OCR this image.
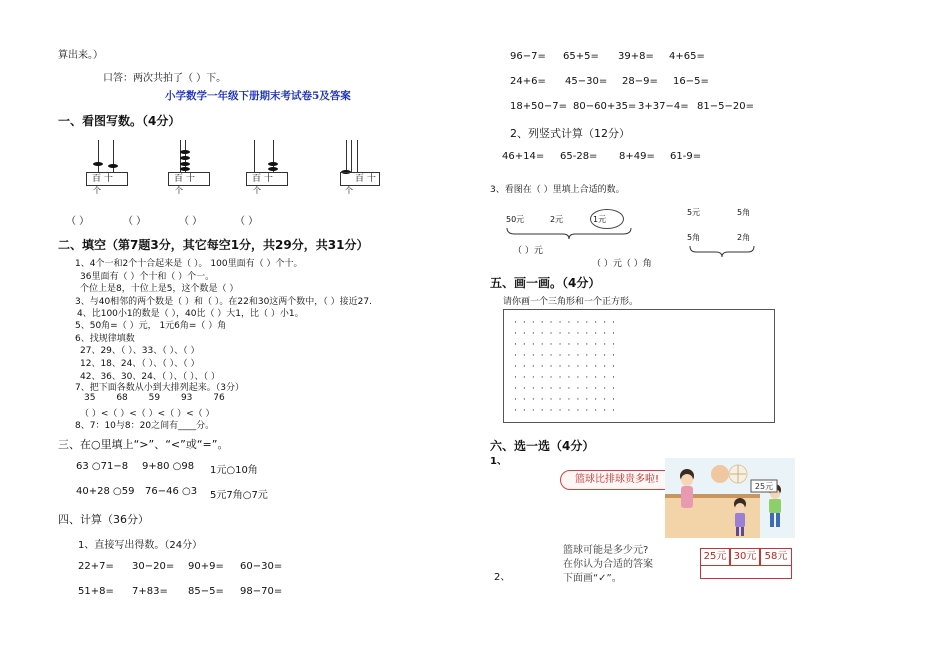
算出来。）
口答：两次共拍了（ ）下。
小学数学一年级下册期末考试卷5及答案
一、看图写数。（4分）
百 十
个
百 十
个
百 十
个
百 十
个
（ ）	（ ）	（ ）	（ ）
二、填空（第7题3分，其它每空1分，共29分，共31分）
1、4个一和2个十合起来是（ ）。 100里面有（ ）个十。
36里面有（ ）个十和（ ）个一。
个位上是8，十位上是5，这个数是（ ）
3、与40相邻的两个数是（ ）和（ ）。在22和30这两个数中，（ ）接近27.
4、比100小1的数是（ ），40比（ ）大1，比（ ）小1。
5、50角=（ ）元， 1元6角=（ ）角
6、找规律填数
27、29、（ ）、33、（ ）、（ ）
12、18、24、（ ）、（ ）、（ ）
42、36、30、24、（ ）、（ ）、（ ）
7、把下面各数从小到大排列起来。（3分）
35 68 59 93 76
（ ）<（ ）<（ ）<（ ）<（ ）
8、7：10与8：20之间有____分。
三、在○里填上“>”、“<”或“=”。
63 ○71−8 9+80 ○98 1元○10角
40+28 ○59 76−46 ○3 5元7角○7元
四、计算（36分）
1、直接写出得数。（24分）
22+7= 30−20= 90+9= 60−30=
51+8= 7+83= 85−5= 98−70=
96−7= 65+5= 39+8= 4+65=
24+6= 45−30= 28−9= 16−5=
18+50−7= 80−60+35= 3+37−4= 81−5−20=
2、列竖式计算（12分）
46+14= 65-28= 8+49= 61-9=
3、看图在（ ）里填上合适的数。
50元	2元	1元
（ ）元
5元	5角
5角	2角
（ ）元（ ）角
五、画一画。（4分）
请你画一个三角形和一个正方形。
· · · · · · · · · · · ·
· · · · · · · · · · · ·
· · · · · · · · · · · ·
· · · · · · · · · · · ·
· · · · · · · · · · · ·
· · · · · · · · · · · ·
· · · · · · · · · · · ·
· · · · · · · · · · · ·
· · · · · · · · · · · ·
六、选一选（4分）
1、
篮球比排球贵多啦!
25元
篮球可能是多少元?
在你认为合适的答案
下面画“✓”。
2、
25元 30元 58元
